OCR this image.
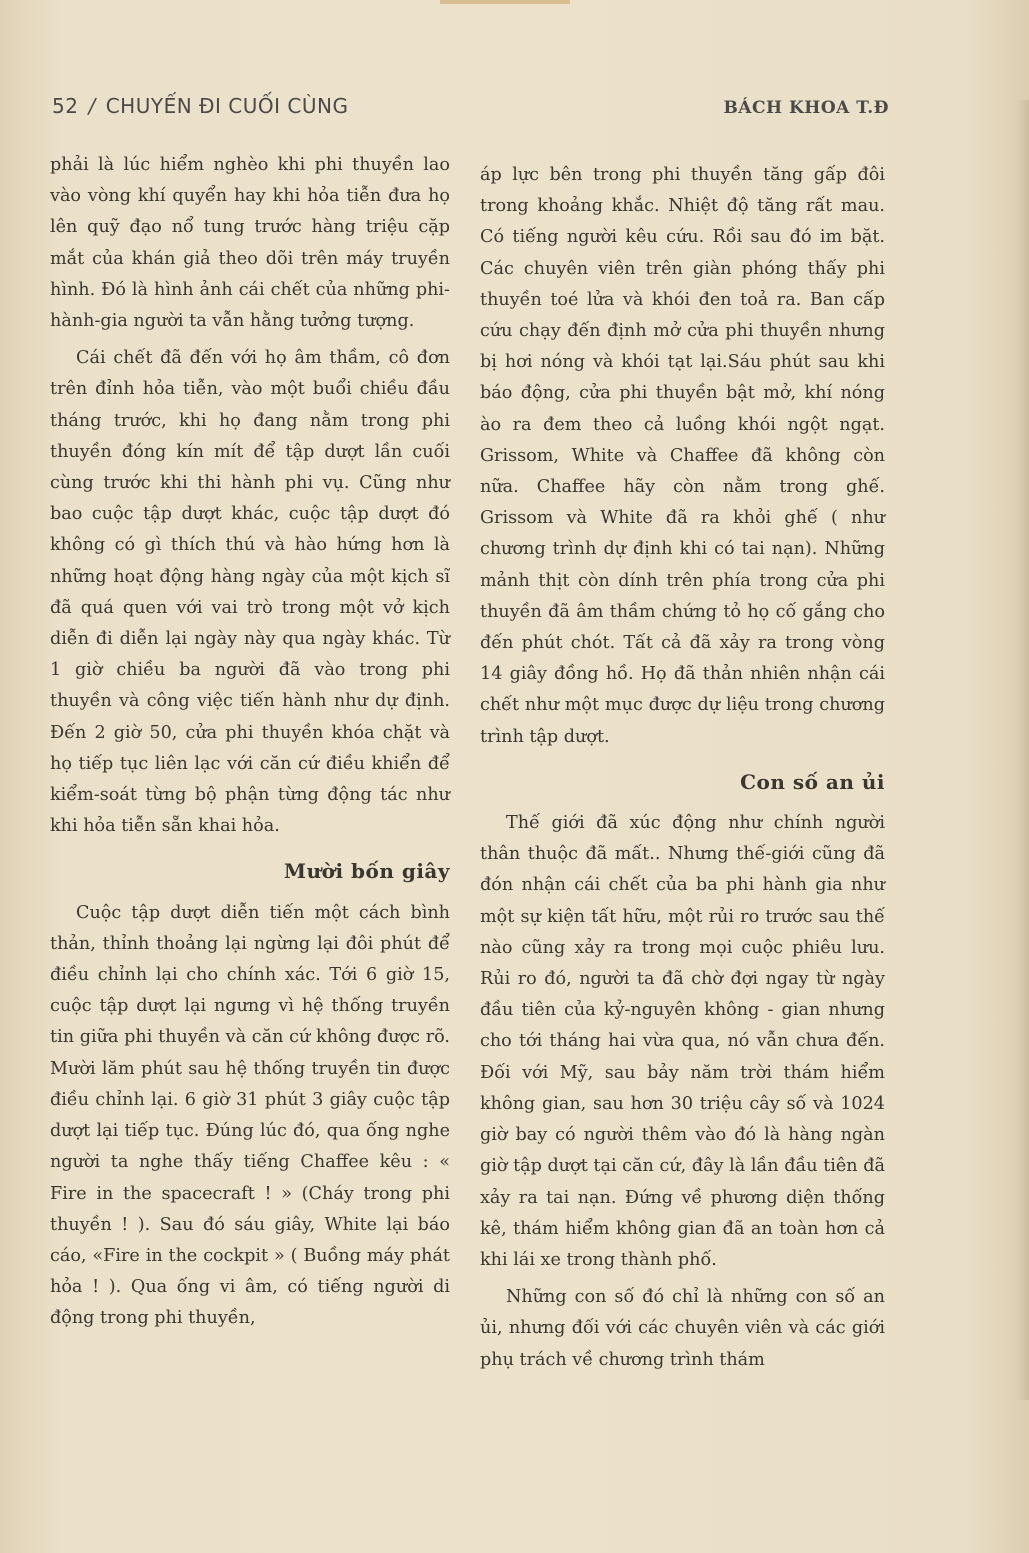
52 / CHUYẾN ĐI CUỐI CÙNG	BÁCH KHOA T.Đ

phải là lúc hiểm nghèo khi phi thuyền lao vào vòng khí quyển hay khi hỏa tiễn đưa họ lên quỹ đạo nổ tung trước hàng triệu cặp mắt của khán giả theo dõi trên máy truyền hình. Đó là hình ảnh cái chết của những phi-hành-gia người ta vẫn hằng tưởng tượng.

Cái chết đã đến với họ âm thầm, cô đơn trên đỉnh hỏa tiễn, vào một buổi chiều đầu tháng trước, khi họ đang nằm trong phi thuyền đóng kín mít để tập dượt lần cuối cùng trước khi thi hành phi vụ. Cũng như bao cuộc tập dượt khác, cuộc tập dượt đó không có gì thích thú và hào hứng hơn là những hoạt động hàng ngày của một kịch sĩ đã quá quen với vai trò trong một vở kịch diễn đi diễn lại ngày này qua ngày khác. Từ 1 giờ chiều ba người đã vào trong phi thuyền và công việc tiến hành như dự định. Đến 2 giờ 50, cửa phi thuyền khóa chặt và họ tiếp tục liên lạc với căn cứ điều khiển để kiểm-soát từng bộ phận từng động tác như khi hỏa tiễn sẵn khai hỏa.

Mười bốn giây

Cuộc tập dượt diễn tiến một cách bình thản, thỉnh thoảng lại ngừng lại đôi phút để điều chỉnh lại cho chính xác. Tới 6 giờ 15, cuộc tập dượt lại ngưng vì hệ thống truyền tin giữa phi thuyền và căn cứ không được rõ. Mười lăm phút sau hệ thống truyền tin được điều chỉnh lại. 6 giờ 31 phút 3 giây cuộc tập dượt lại tiếp tục. Đúng lúc đó, qua ống nghe người ta nghe thấy tiếng Chaffee kêu : « Fire in the spacecraft ! » (Cháy trong phi thuyền ! ). Sau đó sáu giây, White lại báo cáo, «Fire in the cockpit » ( Buồng máy phát hỏa ! ). Qua ống vi âm, có tiếng người di động trong phi thuyền,

áp lực bên trong phi thuyền tăng gấp đôi trong khoảng khắc. Nhiệt độ tăng rất mau. Có tiếng người kêu cứu. Rồi sau đó im bặt. Các chuyên viên trên giàn phóng thấy phi thuyền toé lửa và khói đen toả ra. Ban cấp cứu chạy đến định mở cửa phi thuyền nhưng bị hơi nóng và khói tạt lại.Sáu phút sau khi báo động, cửa phi thuyền bật mở, khí nóng ào ra đem theo cả luồng khói ngột ngạt. Grissom, White và Chaffee đã không còn nữa. Chaffee hãy còn nằm trong ghế. Grissom và White đã ra khỏi ghế ( như chương trình dự định khi có tai nạn). Những mảnh thịt còn dính trên phía trong cửa phi thuyền đã âm thầm chứng tỏ họ cố gắng cho đến phút chót. Tất cả đã xảy ra trong vòng 14 giây đồng hồ. Họ đã thản nhiên nhận cái chết như một mục được dự liệu trong chương trình tập dượt.

Con số an ủi

Thế giới đã xúc động như chính người thân thuộc đã mất.. Nhưng thế-giới cũng đã đón nhận cái chết của ba phi hành gia như một sự kiện tất hữu, một rủi ro trước sau thế nào cũng xảy ra trong mọi cuộc phiêu lưu. Rủi ro đó, người ta đã chờ đợi ngay từ ngày đầu tiên của kỷ-nguyên không - gian nhưng cho tới tháng hai vừa qua, nó vẫn chưa đến. Đối với Mỹ, sau bảy năm trời thám hiểm không gian, sau hơn 30 triệu cây số và 1024 giờ bay có người thêm vào đó là hàng ngàn giờ tập dượt tại căn cứ, đây là lần đầu tiên đã xảy ra tai nạn. Đứng về phương diện thống kê, thám hiểm không gian đã an toàn hơn cả khi lái xe trong thành phố.

Những con số đó chỉ là những con số an ủi, nhưng đối với các chuyên viên và các giới phụ trách về chương trình thám
